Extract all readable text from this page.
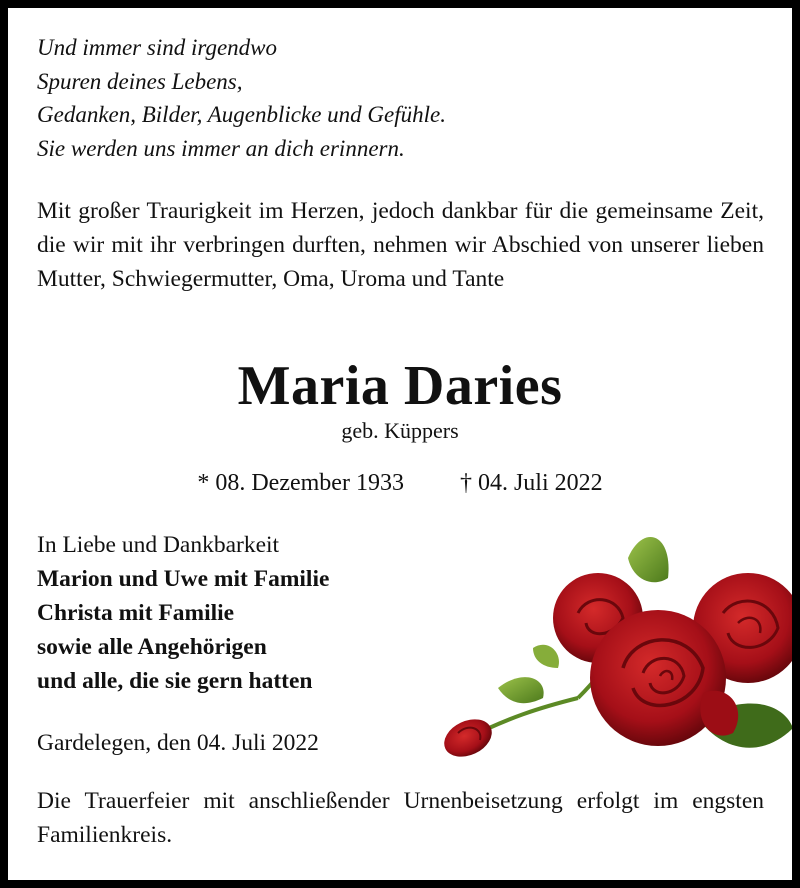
Und immer sind irgendwo
Spuren deines Lebens,
Gedanken, Bilder, Augenblicke und Gefühle.
Sie werden uns immer an dich erinnern.
Mit großer Traurigkeit im Herzen, jedoch dankbar für die gemeinsame Zeit, die wir mit ihr verbringen durften, nehmen wir Abschied von unserer lieben Mutter, Schwiegermutter, Oma, Uroma und Tante
Maria Daries
geb. Küppers
* 08. Dezember 1933 † 04. Juli 2022
In Liebe und Dankbarkeit
Marion und Uwe mit Familie
Christa mit Familie
sowie alle Angehörigen
und alle, die sie gern hatten
Gardelegen, den 04. Juli 2022
Die Trauerfeier mit anschließender Urnenbeisetzung erfolgt im engsten Familienkreis.
